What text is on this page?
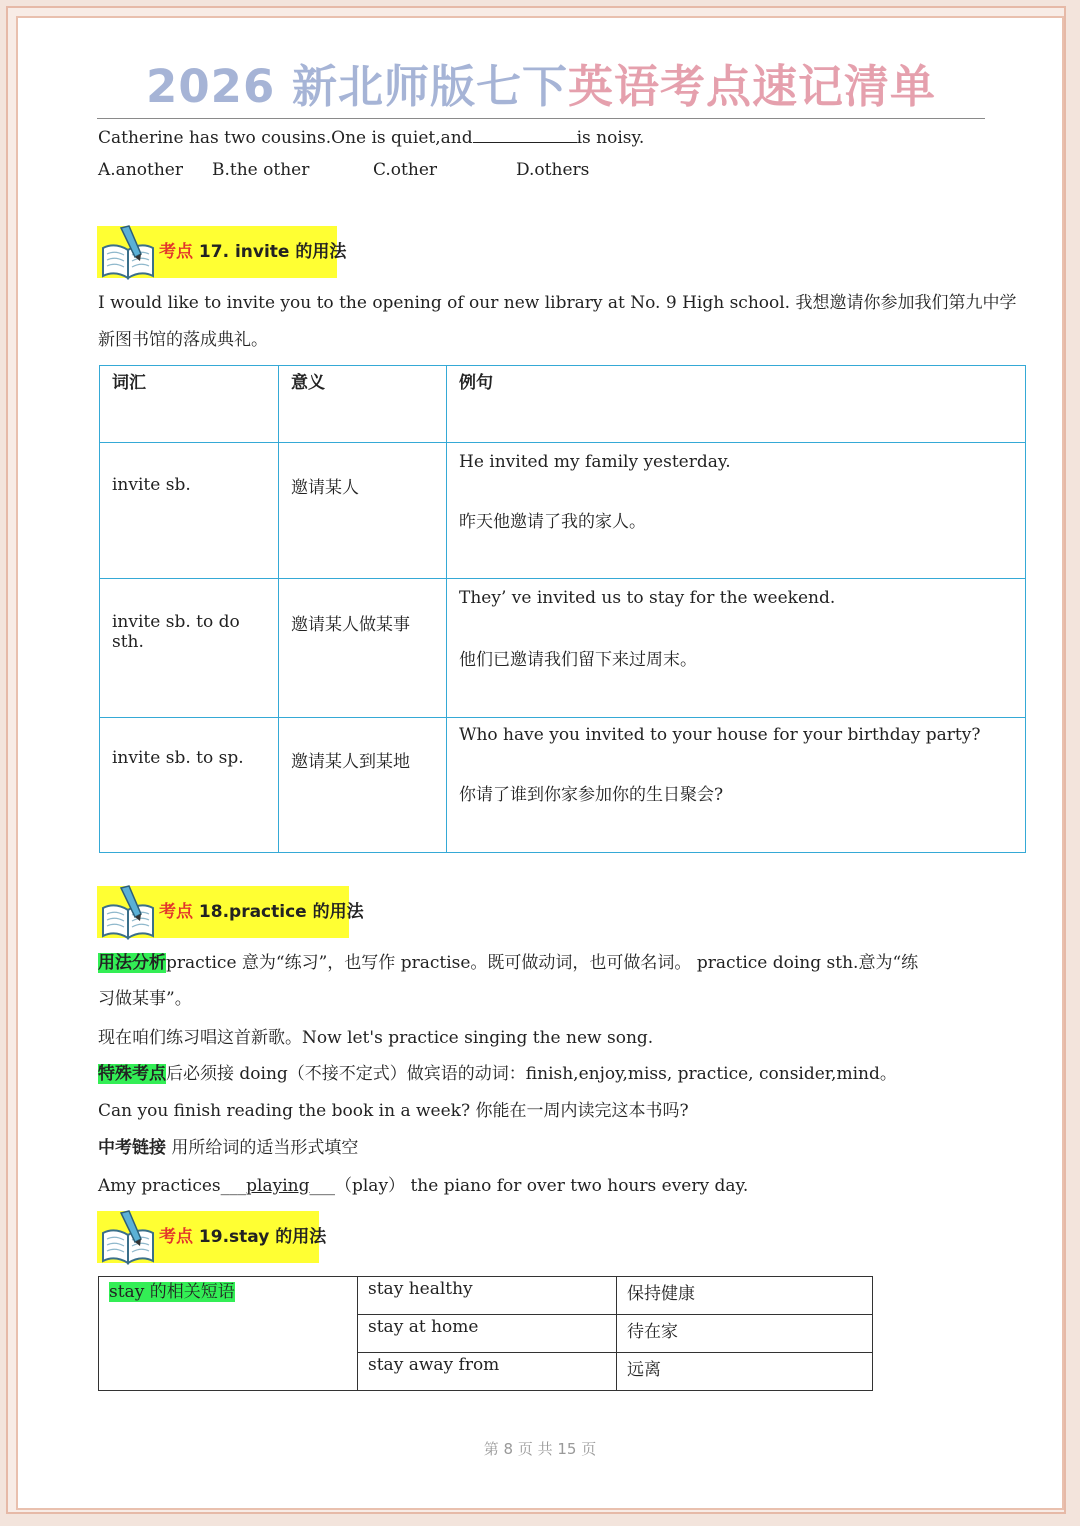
2026 新北师版七下英语考点速记清单
Catherine has two cousins.One is quiet,and	is noisy.
A.another B.the other	C.other	D.others
考点 17. invite 的用法
I would like to invite you to the opening of our new library at No. 9 High school. 我想邀请你参加我们第九中学
新图书馆的落成典礼。
词汇	意义	例句

invite sb.	邀请某人	He invited my family yesterday.
昨天他邀请了我的家人。

invite sb. to do sth.	邀请某人做某事	They’ ve invited us to stay for the weekend.
他们已邀请我们留下来过周末。

invite sb. to sp.	邀请某人到某地	Who have you invited to your house for your birthday party?
你请了谁到你家参加你的生日聚会?
考点 18.practice 的用法
用法分析practice 意为“练习”，也写作 practise。既可做动词，也可做名词。 practice doing sth.意为“练
习做某事”。
现在咱们练习唱这首新歌。Now let's practice singing the new song.
特殊考点后必须接 doing（不接不定式）做宾语的动词：finish,enjoy,miss, practice, consider,mind。
Can you finish reading the book in a week? 你能在一周内读完这本书吗?
中考链接 用所给词的适当形式填空
Amy practices___playing___（play） the piano for over two hours every day.
考点 19.stay 的用法
stay 的相关短语	stay healthy	保持健康

	stay at home	待在家

	stay away from	远离
第 8 页 共 15 页
